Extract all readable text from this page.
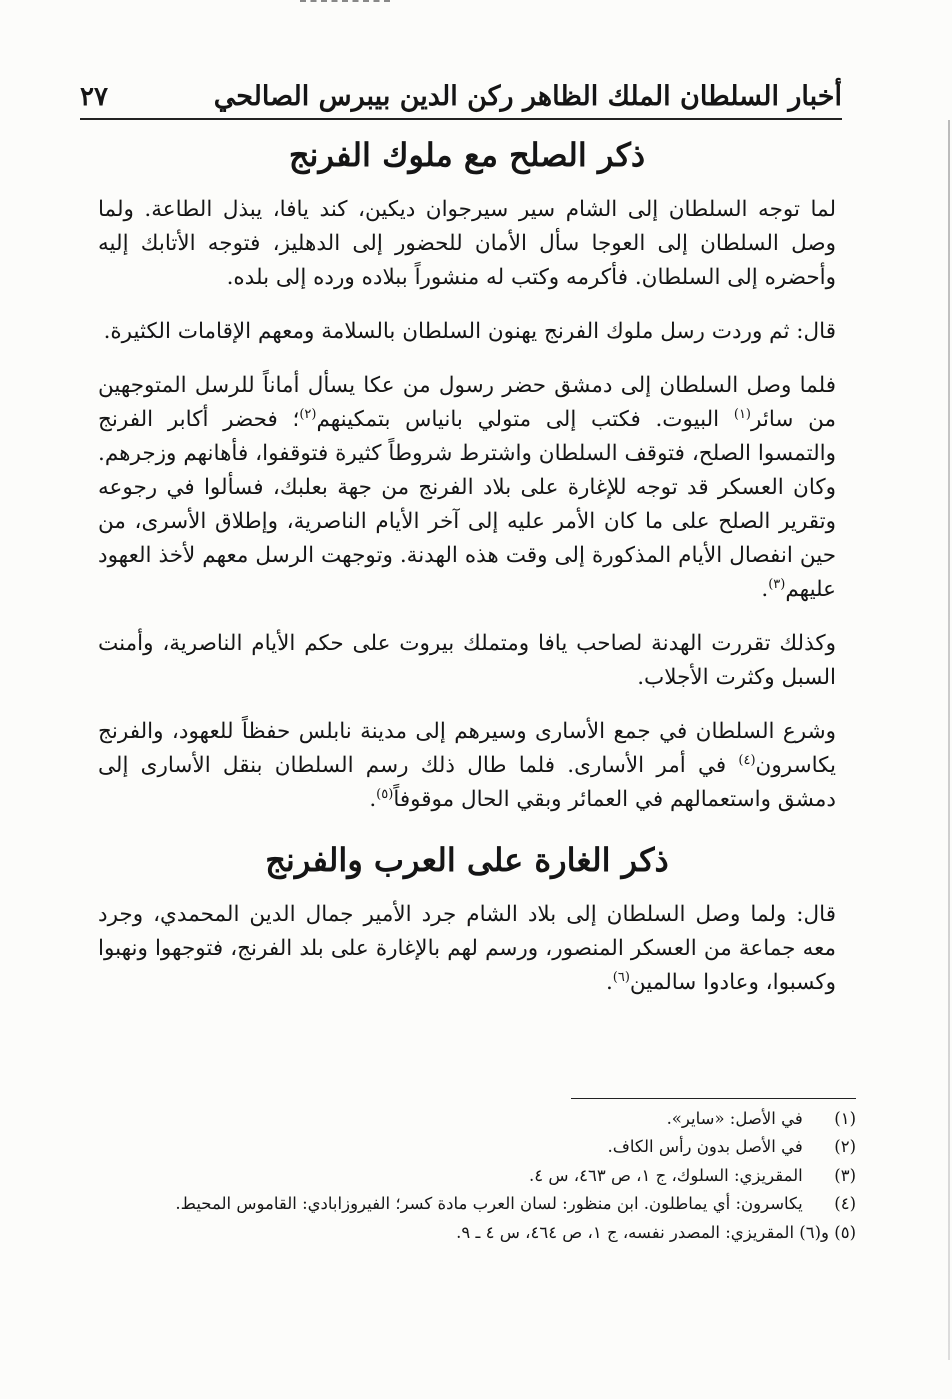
أخبار السلطان الملك الظاهر ركن الدين بيبرس الصالحي
٢٧
ذكر الصلح مع ملوك الفرنج

لما توجه السلطان إلى الشام سير سيرجوان ديكين، كند يافا، يبذل الطاعة. ولما وصل السلطان إلى العوجا سأل الأمان للحضور إلى الدهليز، فتوجه الأتابك إليه وأحضره إلى السلطان. فأكرمه وكتب له منشوراً ببلاده ورده إلى بلده.

قال: ثم وردت رسل ملوك الفرنج يهنون السلطان بالسلامة ومعهم الإقامات الكثيرة.

فلما وصل السلطان إلى دمشق حضر رسول من عكا يسأل أماناً للرسل المتوجهين من سائر$^{(١)}$ البيوت. فكتب إلى متولي بانياس بتمكينهم$^{(٢)}$؛ فحضر أكابر الفرنج والتمسوا الصلح، فتوقف السلطان واشترط شروطاً كثيرة فتوقفوا، فأهانهم وزجرهم. وكان العسكر قد توجه للإغارة على بلاد الفرنج من جهة بعلبك، فسألوا في رجوعه وتقرير الصلح على ما كان الأمر عليه إلى آخر الأيام الناصرية، وإطلاق الأسرى، من حين انفصال الأيام المذكورة إلى وقت هذه الهدنة. وتوجهت الرسل معهم لأخذ العهود عليهم$^{(٣)}$.

وكذلك تقررت الهدنة لصاحب يافا ومتملك بيروت على حكم الأيام الناصرية، وأمنت السبل وكثرت الأجلاب.

وشرع السلطان في جمع الأسارى وسيرهم إلى مدينة نابلس حفظاً للعهود، والفرنج يكاسرون$^{(٤)}$ في أمر الأسارى. فلما طال ذلك رسم السلطان بنقل الأسارى إلى دمشق واستعمالهم في العمائر وبقي الحال موقوفاً$^{(٥)}$.

ذكر الغارة على العرب والفرنج

قال: ولما وصل السلطان إلى بلاد الشام جرد الأمير جمال الدين المحمدي، وجرد معه جماعة من العسكر المنصور، ورسم لهم بالإغارة على بلد الفرنج، فتوجهوا ونهبوا وكسبوا، وعادوا سالمين$^{(٦)}$.

(١) في الأصل: «ساير».
(٢) في الأصل بدون رأس الكاف.
(٣) المقريزي: السلوك، ج ١، ص ٤٦٣، س ٤.
(٤) يكاسرون: أي يماطلون. ابن منظور: لسان العرب مادة كسر؛ الفيروزابادي: القاموس المحيط.
(٥) و(٦) المقريزي: المصدر نفسه، ج ١، ص ٤٦٤، س ٤ ـ ٩.
